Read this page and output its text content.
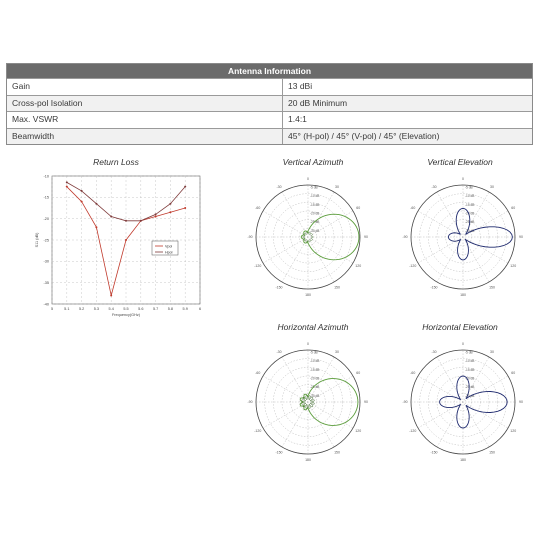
Antenna Information
Gain	13 dBi
Cross-pol Isolation	20 dB Minimum
Max. VSWR	1.4:1
Beamwidth	45° (H-pol) / 45° (V-pol) / 45° (Elevation)
Return Loss	Vertical Azimuth	Vertical Elevation
Horizontal Azimuth	Horizontal Elevation
5	5.1	5.2	5.3	5.4	5.5	5.6	5.7	5.8	5.9	6
-10
-15
-20
-25
-30
-35
-40
Frequency(GHz)
S11 (dB)	Vpol
Hpol
0
30
60
90
120
150
180
-150
-120
-90
-60
-30	-5 dB
-10 dB
-15 dB
-20 dB
-25 dB
-30 dB
0
30
60
90
120
150
180
-150
-120
-90
-60
-30	-5 dB
-10 dB
-15 dB
-20 dB
-25 dB
-30 dB
0
30
60
90
120
150
180
-150
-120
-90
-60
-30	-5 dB
-10 dB
-15 dB
-20 dB
-25 dB
-30 dB
0
30
60
90
120
150
180
-150
-120
-90
-60
-30	-5 dB
-10 dB
-15 dB
-20 dB
-25 dB
-30 dB
